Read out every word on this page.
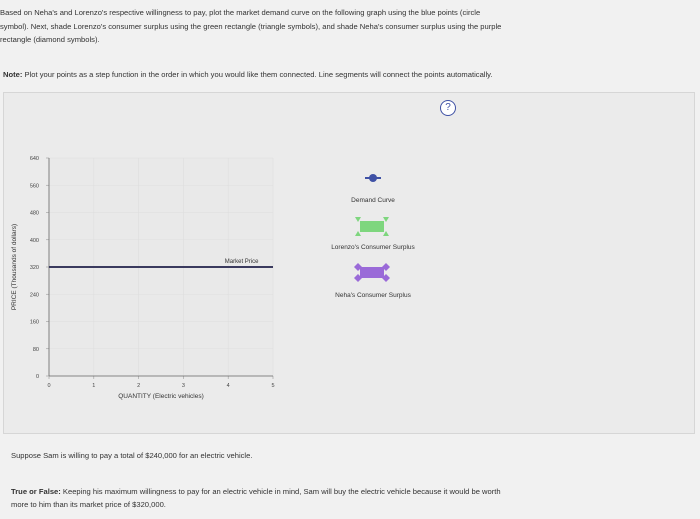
Based on Neha's and Lorenzo's respective willingness to pay, plot the market demand curve on the following graph using the blue points (circle
symbol). Next, shade Lorenzo's consumer surplus using the green rectangle (triangle symbols), and shade Neha's consumer surplus using the purple
rectangle (diamond symbols).
Note: Plot your points as a step function in the order in which you would like them connected. Line segments will connect the points automatically.
0
80
160
240
320
400
480
560
640
0	1	2	3	4	5
Market Price
QUANTITY (Electric vehicles)
PRICE (Thousands of dollars)
?
Demand Curve
Lorenzo's Consumer Surplus
Neha's Consumer Surplus
Suppose Sam is willing to pay a total of $240,000 for an electric vehicle.
True or False: Keeping his maximum willingness to pay for an electric vehicle in mind, Sam will buy the electric vehicle because it would be worth
more to him than its market price of $320,000.
